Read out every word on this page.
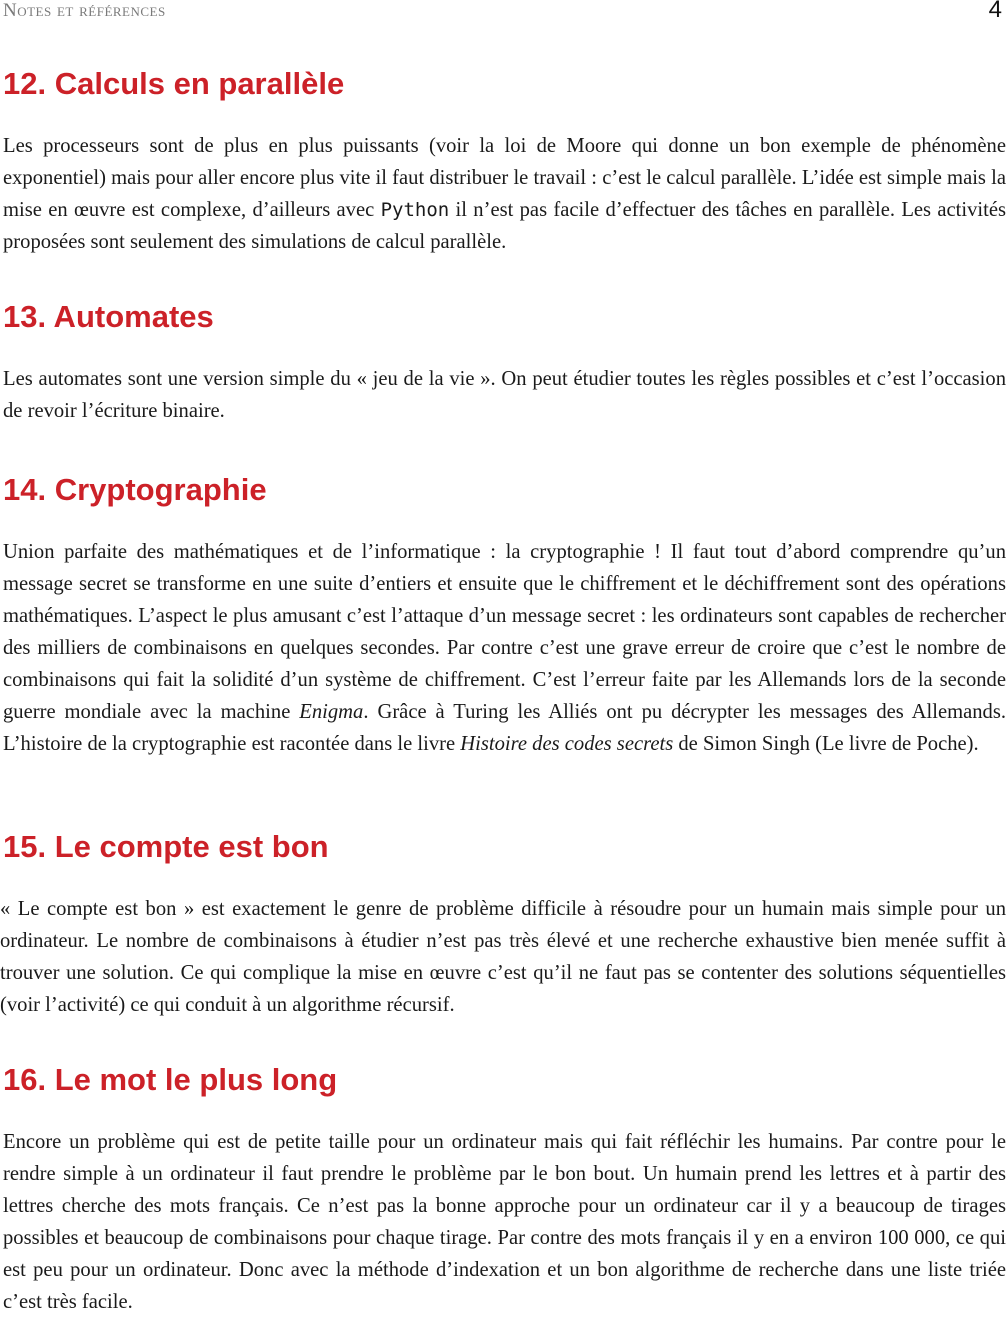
Notes et références	4
12. Calculs en parallèle

Les processeurs sont de plus en plus puissants (voir la loi de Moore qui donne un bon exemple de phénomène exponentiel) mais pour aller encore plus vite il faut distribuer le travail : c’est le calcul parallèle. L’idée est simple mais la mise en œuvre est complexe, d’ailleurs avec Python il n’est pas facile d’effectuer des tâches en parallèle. Les activités proposées sont seulement des simulations de calcul parallèle.

13. Automates

Les automates sont une version simple du « jeu de la vie ». On peut étudier toutes les règles possibles et c’est l’occasion de revoir l’écriture binaire.

14. Cryptographie

Union parfaite des mathématiques et de l’informatique : la cryptographie ! Il faut tout d’abord comprendre qu’un message secret se transforme en une suite d’entiers et ensuite que le chiffrement et le déchiffrement sont des opérations mathématiques. L’aspect le plus amusant c’est l’attaque d’un message secret : les ordinateurs sont capables de rechercher des milliers de combinaisons en quelques secondes. Par contre c’est une grave erreur de croire que c’est le nombre de combinaisons qui fait la solidité d’un système de chiffrement. C’est l’erreur faite par les Allemands lors de la seconde guerre mondiale avec la machine Enigma. Grâce à Turing les Alliés ont pu décrypter les messages des Allemands. L’histoire de la cryptographie est racontée dans le livre Histoire des codes secrets de Simon Singh (Le livre de Poche).

15. Le compte est bon

« Le compte est bon » est exactement le genre de problème difficile à résoudre pour un humain mais simple pour un ordinateur. Le nombre de combinaisons à étudier n’est pas très élevé et une recherche exhaustive bien menée suffit à trouver une solution. Ce qui complique la mise en œuvre c’est qu’il ne faut pas se contenter des solutions séquentielles (voir l’activité) ce qui conduit à un algorithme récursif.

16. Le mot le plus long

Encore un problème qui est de petite taille pour un ordinateur mais qui fait réfléchir les humains. Par contre pour le rendre simple à un ordinateur il faut prendre le problème par le bon bout. Un humain prend les lettres et à partir des lettres cherche des mots français. Ce n’est pas la bonne approche pour un ordinateur car il y a beaucoup de tirages possibles et beaucoup de combinaisons pour chaque tirage. Par contre des mots français il y en a environ 100 000, ce qui est peu pour un ordinateur. Donc avec la méthode d’indexation et un bon algorithme de recherche dans une liste triée c’est très facile.
